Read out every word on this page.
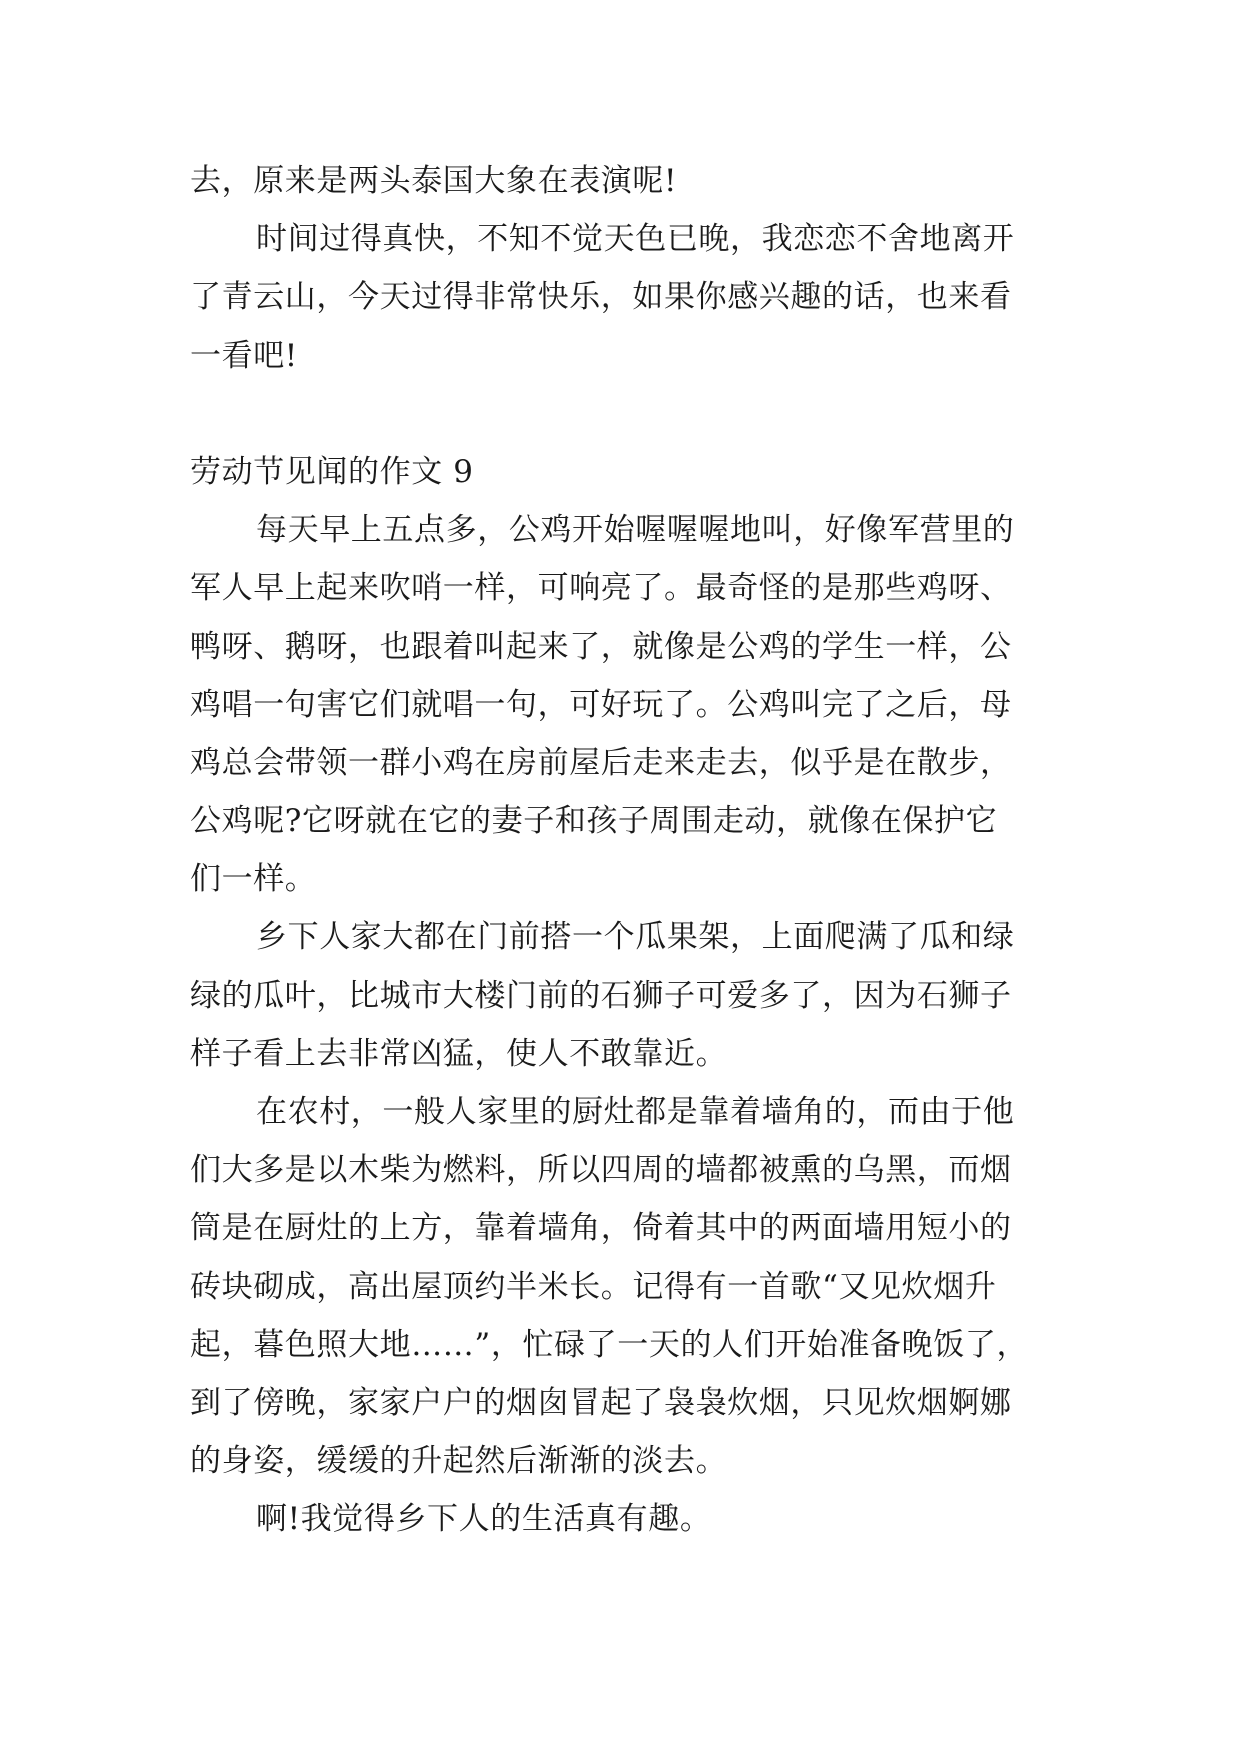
去，原来是两头泰国大象在表演呢!
时间过得真快，不知不觉天色已晚，我恋恋不舍地离开
了青云山，今天过得非常快乐，如果你感兴趣的话，也来看
一看吧!
劳动节见闻的作文 9
每天早上五点多，公鸡开始喔喔喔地叫，好像军营里的
军人早上起来吹哨一样，可响亮了。最奇怪的是那些鸡呀、
鸭呀、鹅呀，也跟着叫起来了，就像是公鸡的学生一样，公
鸡唱一句害它们就唱一句，可好玩了。公鸡叫完了之后，母
鸡总会带领一群小鸡在房前屋后走来走去，似乎是在散步，
公鸡呢?它呀就在它的妻子和孩子周围走动，就像在保护它
们一样。
乡下人家大都在门前搭一个瓜果架，上面爬满了瓜和绿
绿的瓜叶，比城市大楼门前的石狮子可爱多了，因为石狮子
样子看上去非常凶猛，使人不敢靠近。
在农村，一般人家里的厨灶都是靠着墙角的，而由于他
们大多是以木柴为燃料，所以四周的墙都被熏的乌黑，而烟
筒是在厨灶的上方，靠着墙角，倚着其中的两面墙用短小的
砖块砌成，高出屋顶约半米长。记得有一首歌“又见炊烟升
起，暮色照大地……”，忙碌了一天的人们开始准备晚饭了，
到了傍晚，家家户户的烟囱冒起了袅袅炊烟，只见炊烟婀娜
的身姿，缓缓的升起然后渐渐的淡去。
啊!我觉得乡下人的生活真有趣。
